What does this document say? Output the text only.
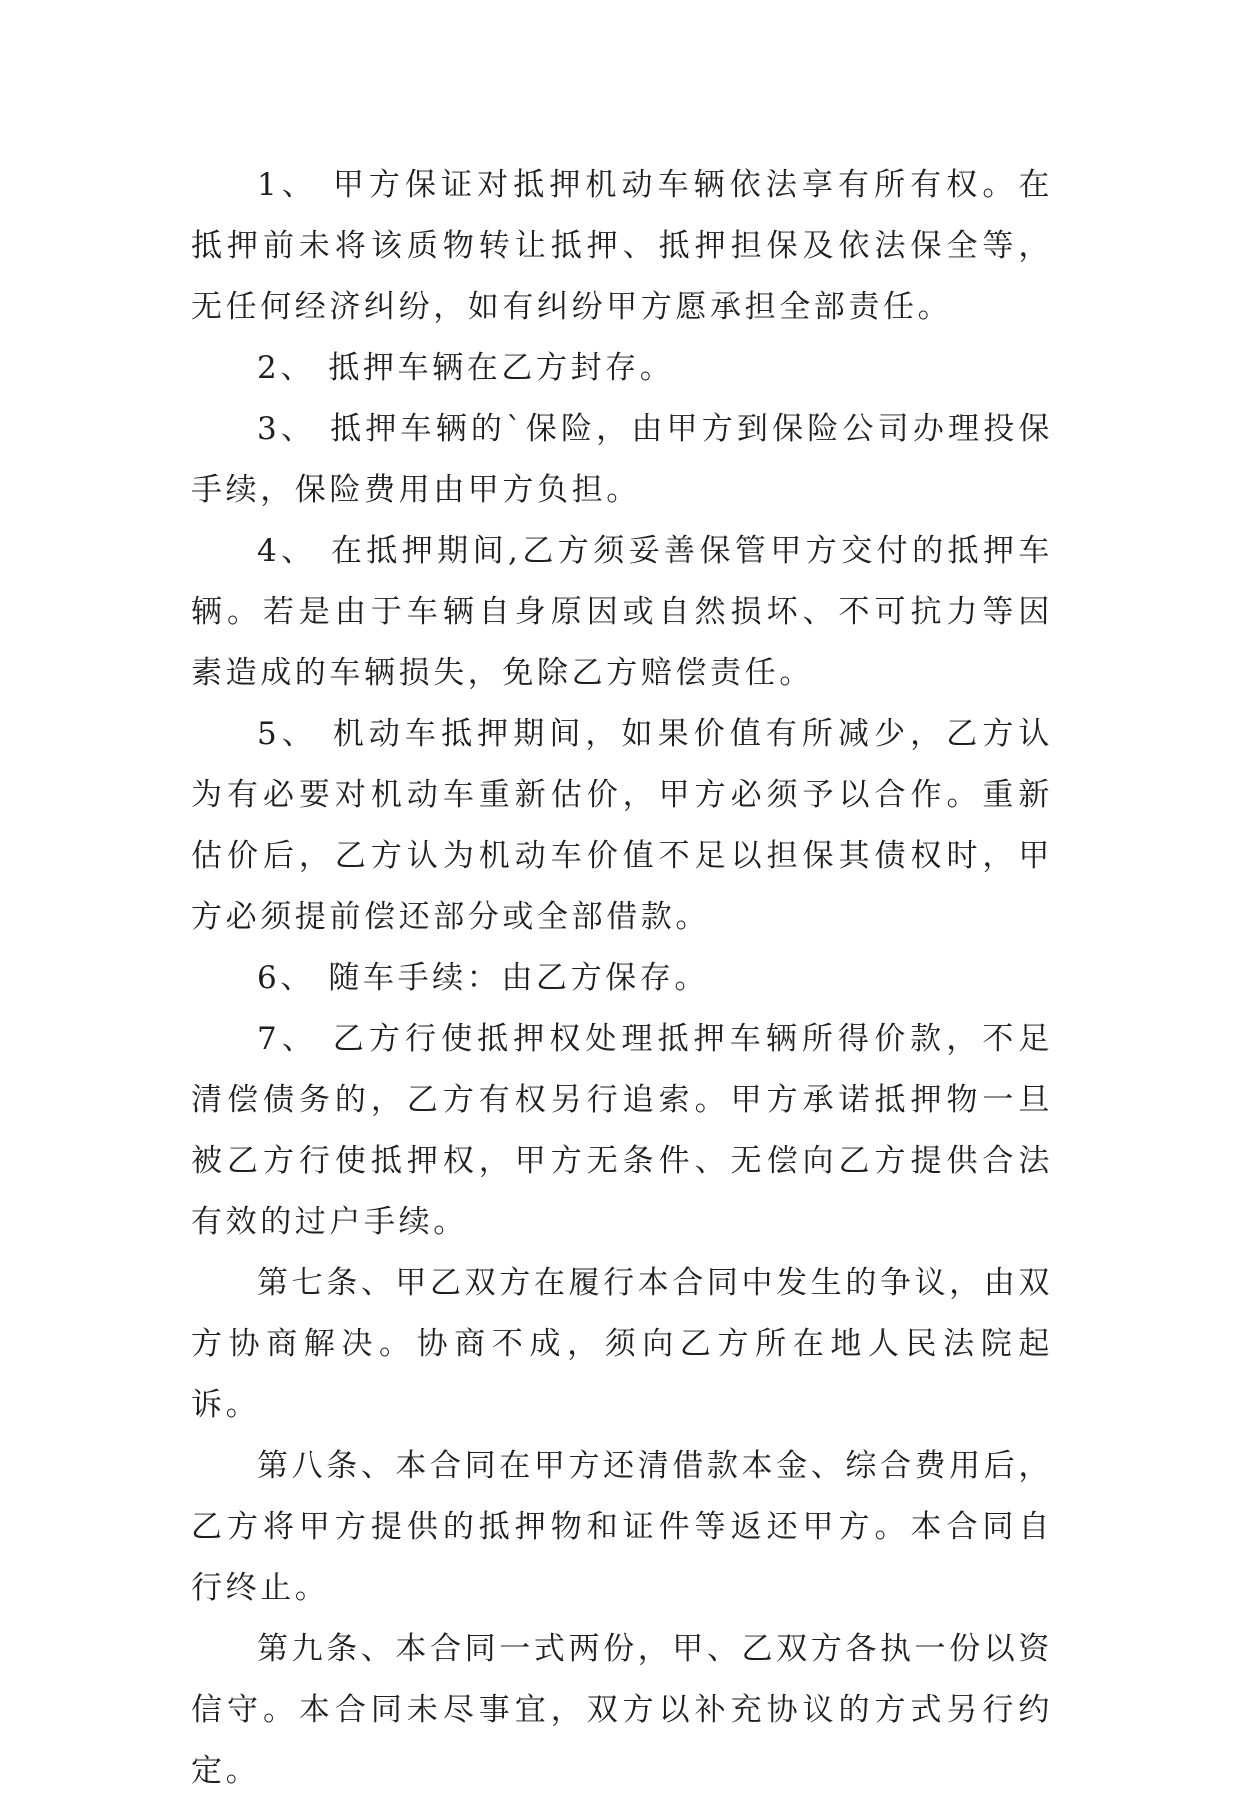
1、 甲方保证对抵押机动车辆依法享有所有权。在抵押前未将该质物转让抵押、抵押担保及依法保全等，无任何经济纠纷，如有纠纷甲方愿承担全部责任。

2、 抵押车辆在乙方封存。

3、 抵押车辆的`保险，由甲方到保险公司办理投保手续，保险费用由甲方负担。

4、 在抵押期间,乙方须妥善保管甲方交付的抵押车辆。若是由于车辆自身原因或自然损坏、不可抗力等因素造成的车辆损失，免除乙方赔偿责任。

5、 机动车抵押期间，如果价值有所减少，乙方认为有必要对机动车重新估价，甲方必须予以合作。重新估价后，乙方认为机动车价值不足以担保其债权时，甲方必须提前偿还部分或全部借款。

6、 随车手续：由乙方保存。

7、 乙方行使抵押权处理抵押车辆所得价款，不足清偿债务的，乙方有权另行追索。甲方承诺抵押物一旦被乙方行使抵押权，甲方无条件、无偿向乙方提供合法有效的过户手续。

第七条、甲乙双方在履行本合同中发生的争议，由双方协商解决。协商不成，须向乙方所在地人民法院起诉。

第八条、本合同在甲方还清借款本金、综合费用后，乙方将甲方提供的抵押物和证件等返还甲方。本合同自行终止。

第九条、本合同一式两份，甲、乙双方各执一份以资信守。本合同未尽事宜，双方以补充协议的方式另行约定。
